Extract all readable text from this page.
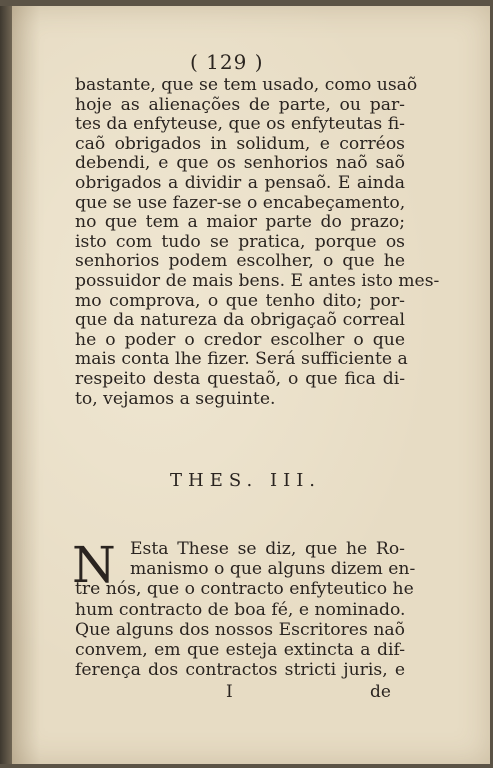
( 129 )
bastante, que se tem usado, como usaõ
hoje as alienações de parte, ou par-
tes da enfyteuse, que os enfyteutas fi-
caõ obrigados in solidum, e corréos
debendi, e que os senhorios naõ saõ
obrigados a dividir a pensaõ. E ainda
que se use fazer-se o encabeçamento,
no que tem a maior parte do prazo;
isto com tudo se pratica, porque os
senhorios podem escolher, o que he
possuidor de mais bens. E antes isto mes-
mo comprova, o que tenho dito; por-
que da natureza da obrigaçaõ correal
he o poder o credor escolher o que
mais conta lhe fizer. Será sufficiente a
respeito desta questaõ, o que fica di-
to, vejamos a seguinte.
THES. III.
N Esta These se diz, que he Ro-
manismo o que alguns dizem en-
tre nós, que o contracto enfyteutico he
hum contracto de boa fé, e nominado.
Que alguns dos nossos Escritores naõ
convem, em que esteja extincta a dif-
ferença dos contractos stricti juris, e
I	de
